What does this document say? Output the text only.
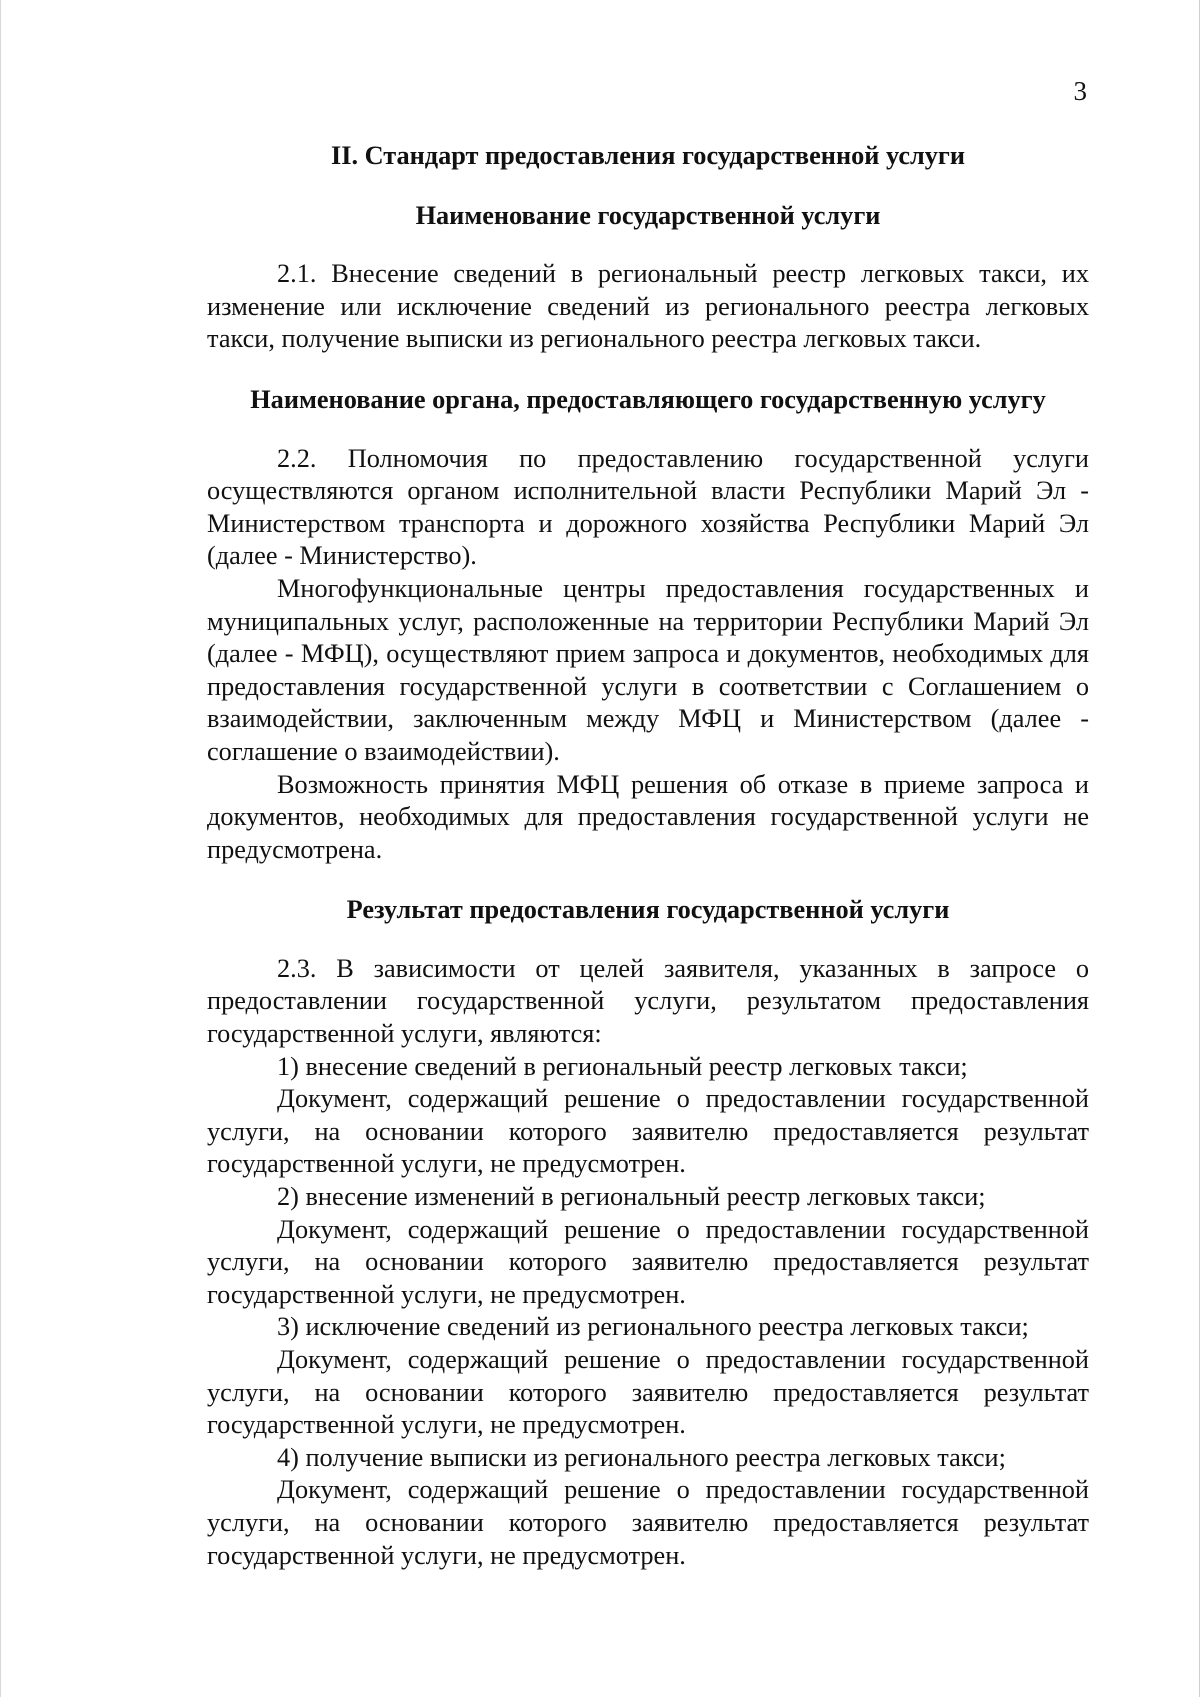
3
II. Стандарт предоставления государственной услуги
Наименование государственной услуги

2.1. Внесение сведений в региональный реестр легковых такси, их изменение или исключение сведений из регионального реестра легковых такси, получение выписки из регионального реестра легковых такси.

Наименование органа, предоставляющего государственную услугу

2.2. Полномочия по предоставлению государственной услуги осуществляются органом исполнительной власти Республики Марий Эл - Министерством транспорта и дорожного хозяйства Республики Марий Эл (далее - Министерство).

Многофункциональные центры предоставления государственных и муниципальных услуг, расположенные на территории Республики Марий Эл (далее - МФЦ), осуществляют прием запроса и документов, необходимых для предоставления государственной услуги в соответствии с Соглашением о взаимодействии, заключенным между МФЦ и Министерством (далее - соглашение о взаимодействии).

Возможность принятия МФЦ решения об отказе в приеме запроса и документов, необходимых для предоставления государственной услуги не предусмотрена.

Результат предоставления государственной услуги

2.3. В зависимости от целей заявителя, указанных в запросе о предоставлении государственной услуги, результатом предоставления государственной услуги, являются:

1) внесение сведений в региональный реестр легковых такси;

Документ, содержащий решение о предоставлении государственной услуги, на основании которого заявителю предоставляется результат государственной услуги, не предусмотрен.

2) внесение изменений в региональный реестр легковых такси;

Документ, содержащий решение о предоставлении государственной услуги, на основании которого заявителю предоставляется результат государственной услуги, не предусмотрен.

3) исключение сведений из регионального реестра легковых такси;

Документ, содержащий решение о предоставлении государственной услуги, на основании которого заявителю предоставляется результат государственной услуги, не предусмотрен.

4) получение выписки из регионального реестра легковых такси;

Документ, содержащий решение о предоставлении государственной услуги, на основании которого заявителю предоставляется результат государственной услуги, не предусмотрен.
